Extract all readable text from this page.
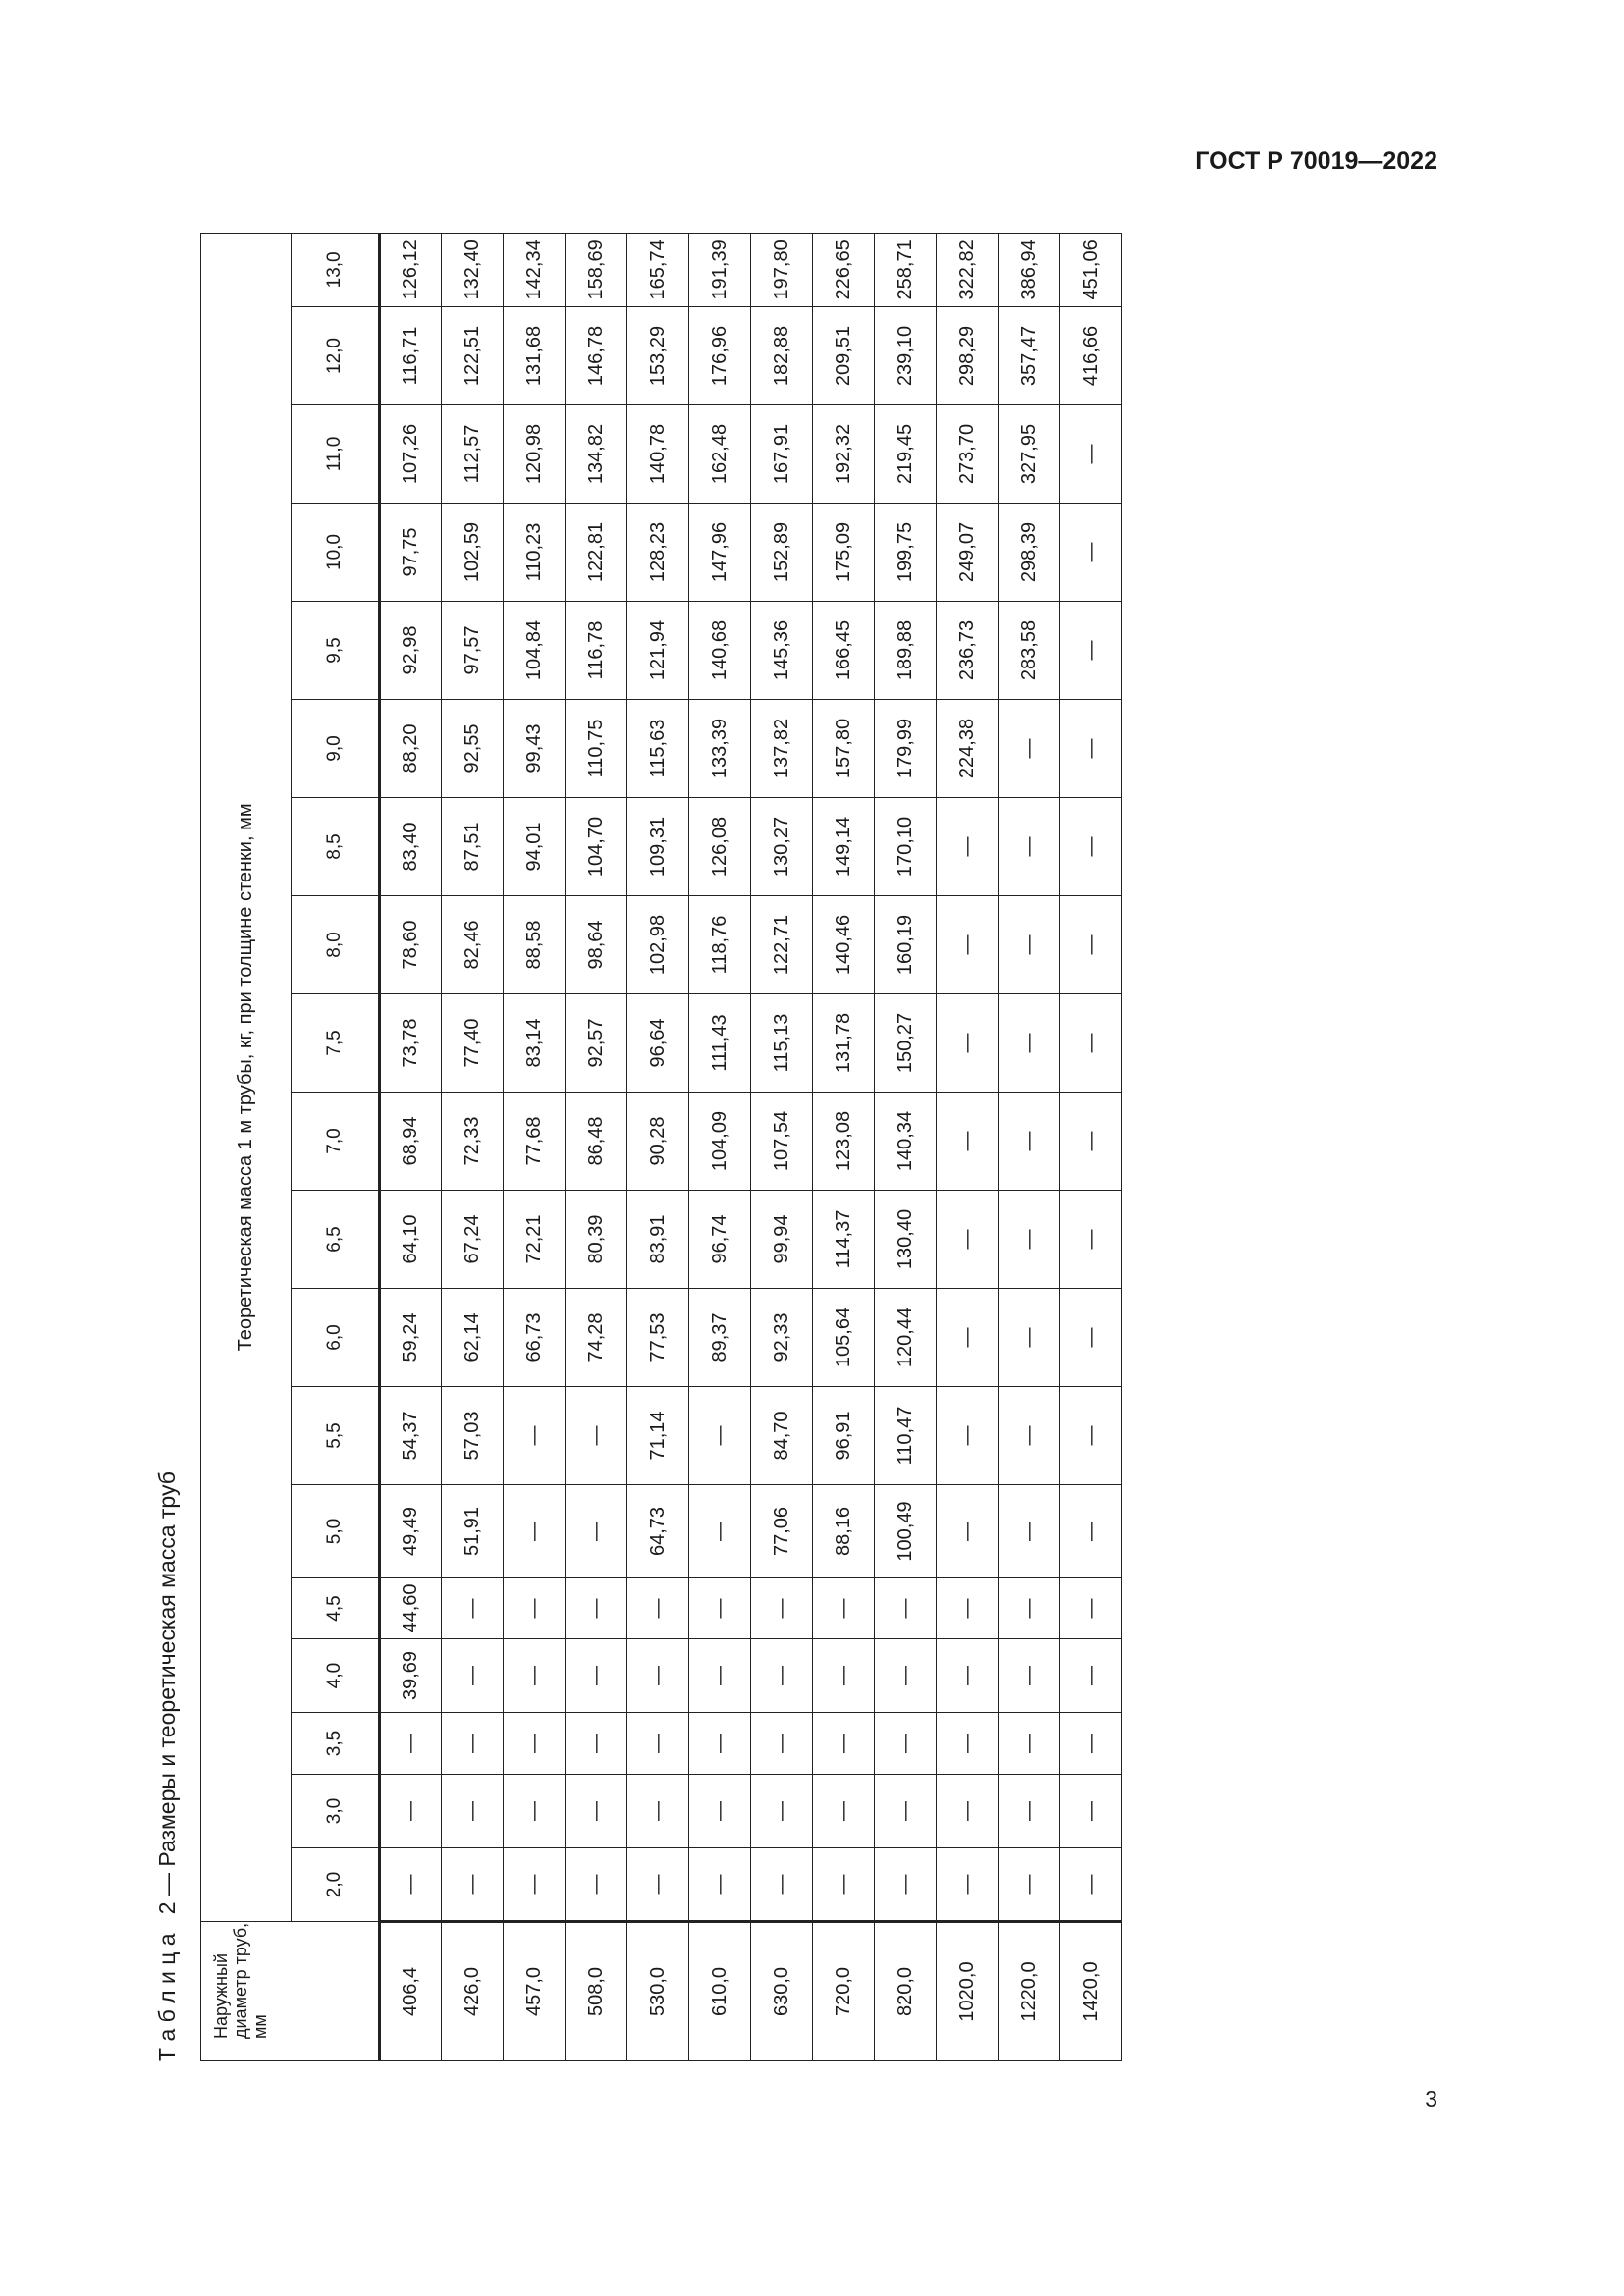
ГОСТ Р 70019—2022
Т а б л и ц а   2 — Размеры и теоретическая масса труб
Наружный диаметр труб, мм	Теоретическая масса 1 м трубы, кг, при толщине стенки, мм																		
	2,0	3,0	3,5	4,0	4,5	5,0	5,5	6,0	6,5	7,0	7,5	8,0	8,5	9,0	9,5	10,0	11,0	12,0	13,0
406,4	—	—	—	39,69	44,60	49,49	54,37	59,24	64,10	68,94	73,78	78,60	83,40	88,20	92,98	97,75	107,26	116,71	126,12
426,0	—	—	—	—	—	51,91	57,03	62,14	67,24	72,33	77,40	82,46	87,51	92,55	97,57	102,59	112,57	122,51	132,40
457,0	—	—	—	—	—	—	—	66,73	72,21	77,68	83,14	88,58	94,01	99,43	104,84	110,23	120,98	131,68	142,34
508,0	—	—	—	—	—	—	—	74,28	80,39	86,48	92,57	98,64	104,70	110,75	116,78	122,81	134,82	146,78	158,69
530,0	—	—	—	—	—	64,73	71,14	77,53	83,91	90,28	96,64	102,98	109,31	115,63	121,94	128,23	140,78	153,29	165,74
610,0	—	—	—	—	—	—	—	89,37	96,74	104,09	111,43	118,76	126,08	133,39	140,68	147,96	162,48	176,96	191,39
630,0	—	—	—	—	—	77,06	84,70	92,33	99,94	107,54	115,13	122,71	130,27	137,82	145,36	152,89	167,91	182,88	197,80
720,0	—	—	—	—	—	88,16	96,91	105,64	114,37	123,08	131,78	140,46	149,14	157,80	166,45	175,09	192,32	209,51	226,65
820,0	—	—	—	—	—	100,49	110,47	120,44	130,40	140,34	150,27	160,19	170,10	179,99	189,88	199,75	219,45	239,10	258,71
1020,0	—	—	—	—	—	—	—	—	—	—	—	—	—	224,38	236,73	249,07	273,70	298,29	322,82
1220,0	—	—	—	—	—	—	—	—	—	—	—	—	—	—	283,58	298,39	327,95	357,47	386,94
1420,0	—	—	—	—	—	—	—	—	—	—	—	—	—	—	—	—	—	416,66	451,06
3
